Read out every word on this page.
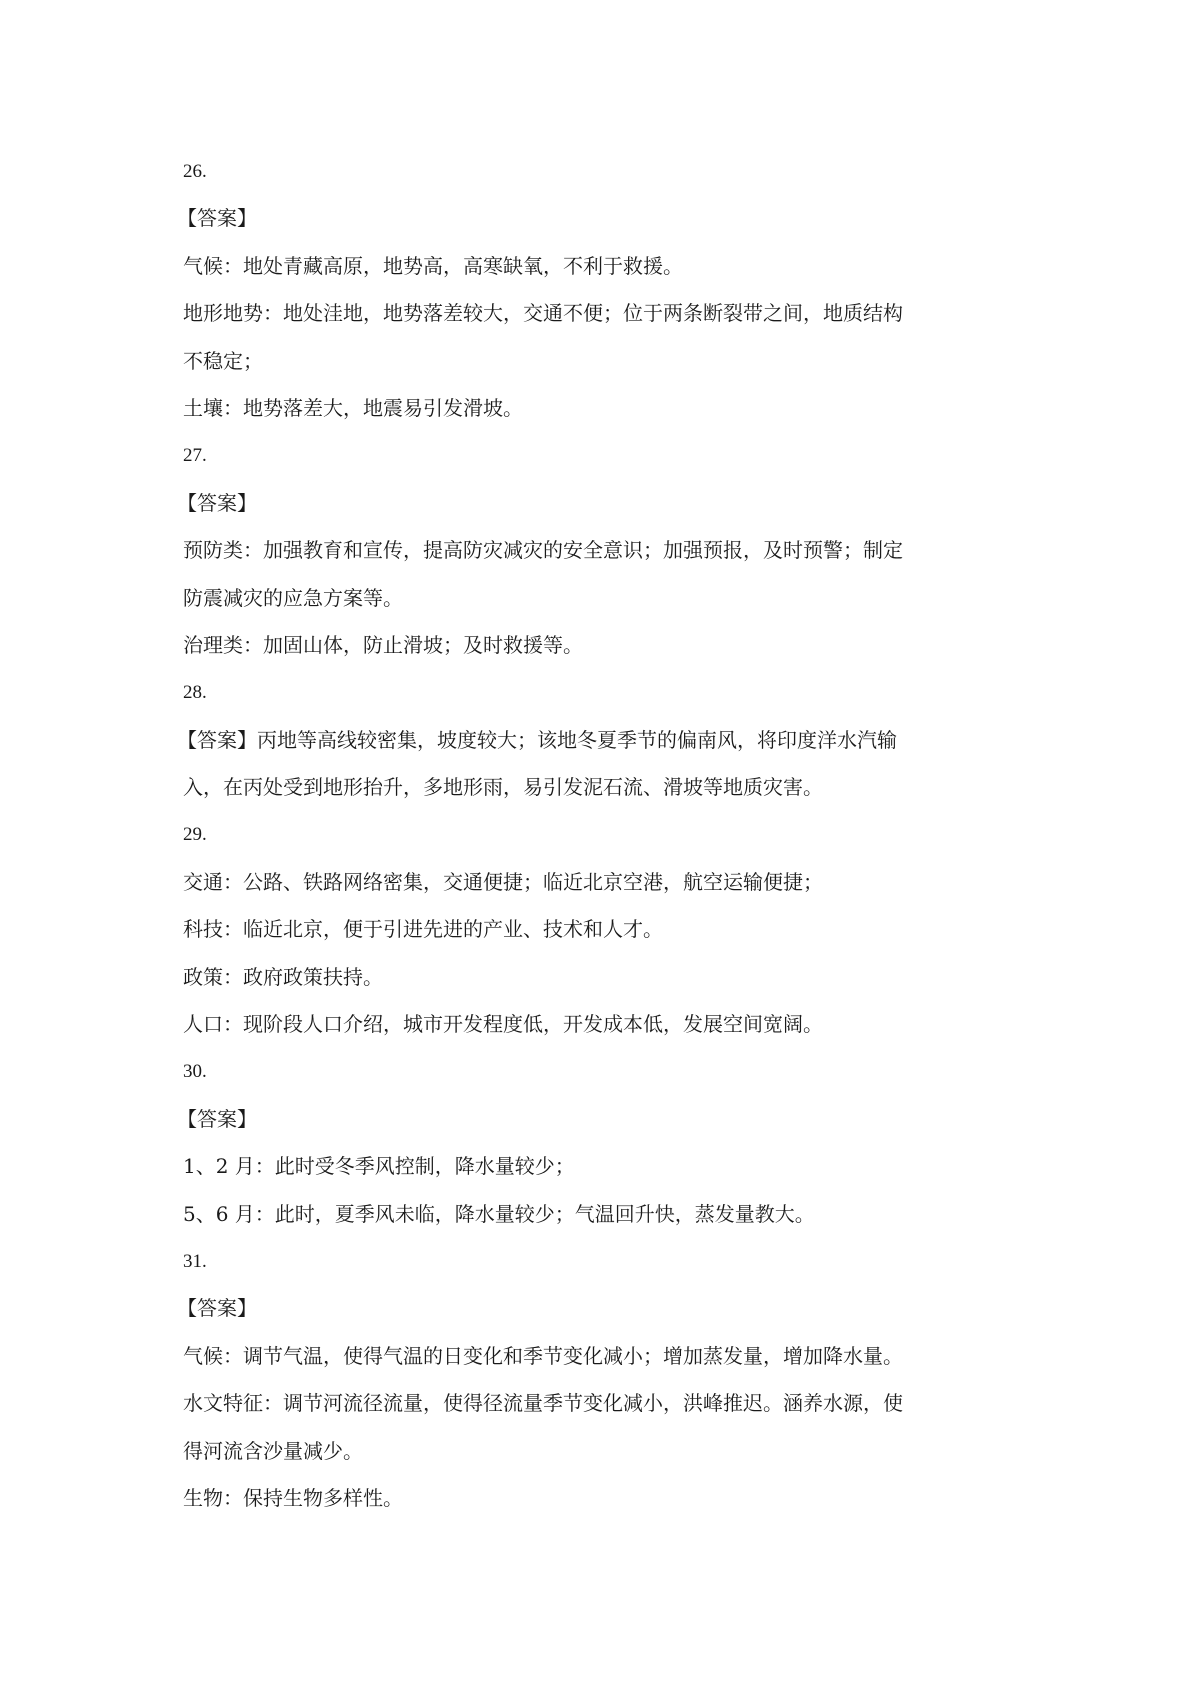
26.

【答案】

气候：地处青藏高原，地势高，高寒缺氧，不利于救援。

地形地势：地处洼地，地势落差较大，交通不便；位于两条断裂带之间，地质结构

不稳定；

土壤：地势落差大，地震易引发滑坡。

27.

【答案】

预防类：加强教育和宣传，提高防灾减灾的安全意识；加强预报，及时预警；制定

防震减灾的应急方案等。

治理类：加固山体，防止滑坡；及时救援等。

28.

【答案】丙地等高线较密集，坡度较大；该地冬夏季节的偏南风，将印度洋水汽输

入，在丙处受到地形抬升，多地形雨，易引发泥石流、滑坡等地质灾害。

29.

交通：公路、铁路网络密集，交通便捷；临近北京空港，航空运输便捷；

科技：临近北京，便于引进先进的产业、技术和人才。

政策：政府政策扶持。

人口：现阶段人口介绍，城市开发程度低，开发成本低，发展空间宽阔。

30.

【答案】

1、2 月：此时受冬季风控制，降水量较少；

5、6 月：此时，夏季风未临，降水量较少；气温回升快，蒸发量教大。

31.

【答案】

气候：调节气温，使得气温的日变化和季节变化减小；增加蒸发量，增加降水量。

水文特征：调节河流径流量，使得径流量季节变化减小，洪峰推迟。涵养水源，使

得河流含沙量减少。

生物：保持生物多样性。
